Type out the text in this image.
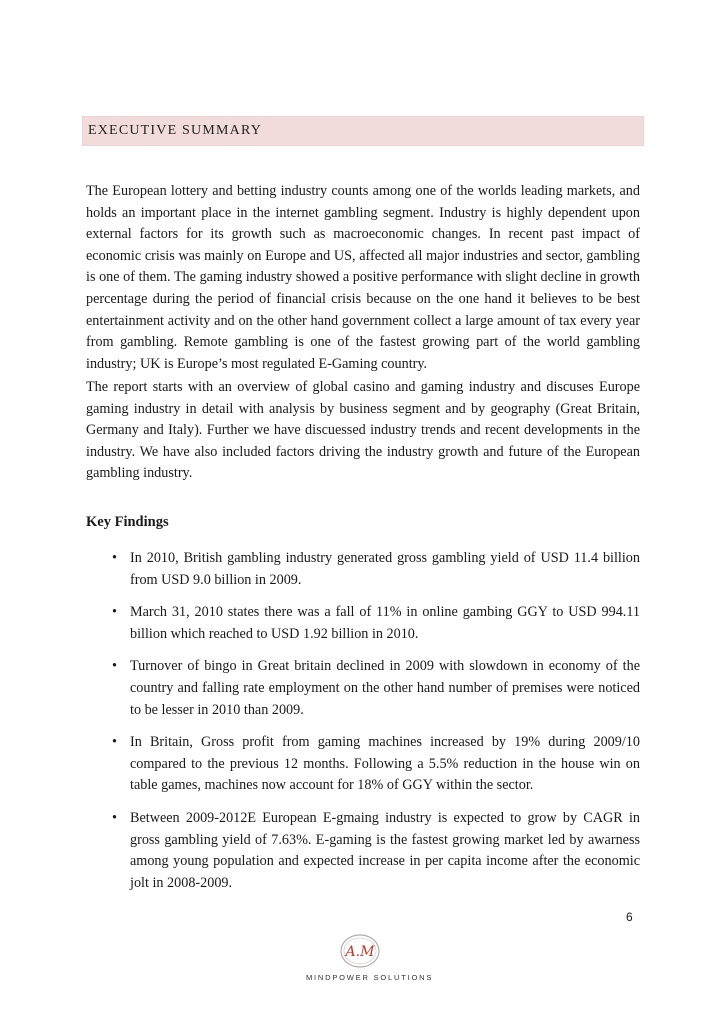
EXECUTIVE SUMMARY

The European lottery and betting industry counts among one of the worlds leading markets, and holds an important place in the internet gambling segment. Industry is highly dependent upon external factors for its growth such as macroeconomic changes. In recent past impact of economic crisis was mainly on Europe and US, affected all major industries and sector, gambling is one of them. The gaming industry showed a positive performance with slight decline in growth percentage during the period of financial crisis because on the one hand it believes to be best entertainment activity and on the other hand government collect a large amount of tax every year from gambling. Remote gambling is one of the fastest growing part of the world gambling industry; UK is Europe’s most regulated E-Gaming country.

The report starts with an overview of global casino and gaming industry and discuses Europe gaming industry in detail with analysis by business segment and by geography (Great Britain, Germany and Italy). Further we have discuessed industry trends and recent developments in the industry. We have also included factors driving the industry growth and future of the European gambling industry.

Key Findings
• In 2010, British gambling industry generated gross gambling yield of USD 11.4 billion from USD 9.0 billion in 2009.
• March 31, 2010 states there was a fall of 11% in online gambing GGY to USD 994.11 billion which reached to USD 1.92 billion in 2010.
• Turnover of bingo in Great britain declined in 2009 with slowdown in economy of the country and falling rate employment on the other hand number of premises were noticed to be lesser in 2010 than 2009.
• In Britain, Gross profit from gaming machines increased by 19% during 2009/10 compared to the previous 12 months. Following a 5.5% reduction in the house win on table games, machines now account for 18% of GGY within the sector.
• Between 2009-2012E European E-gmaing industry is expected to grow by CAGR in gross gambling yield of 7.63%. E-gaming is the fastest growing market led by awarness among young population and expected increase in per capita income after the economic jolt in 2008-2009.
6
A.M
MINDPOWER SOLUTIONS
